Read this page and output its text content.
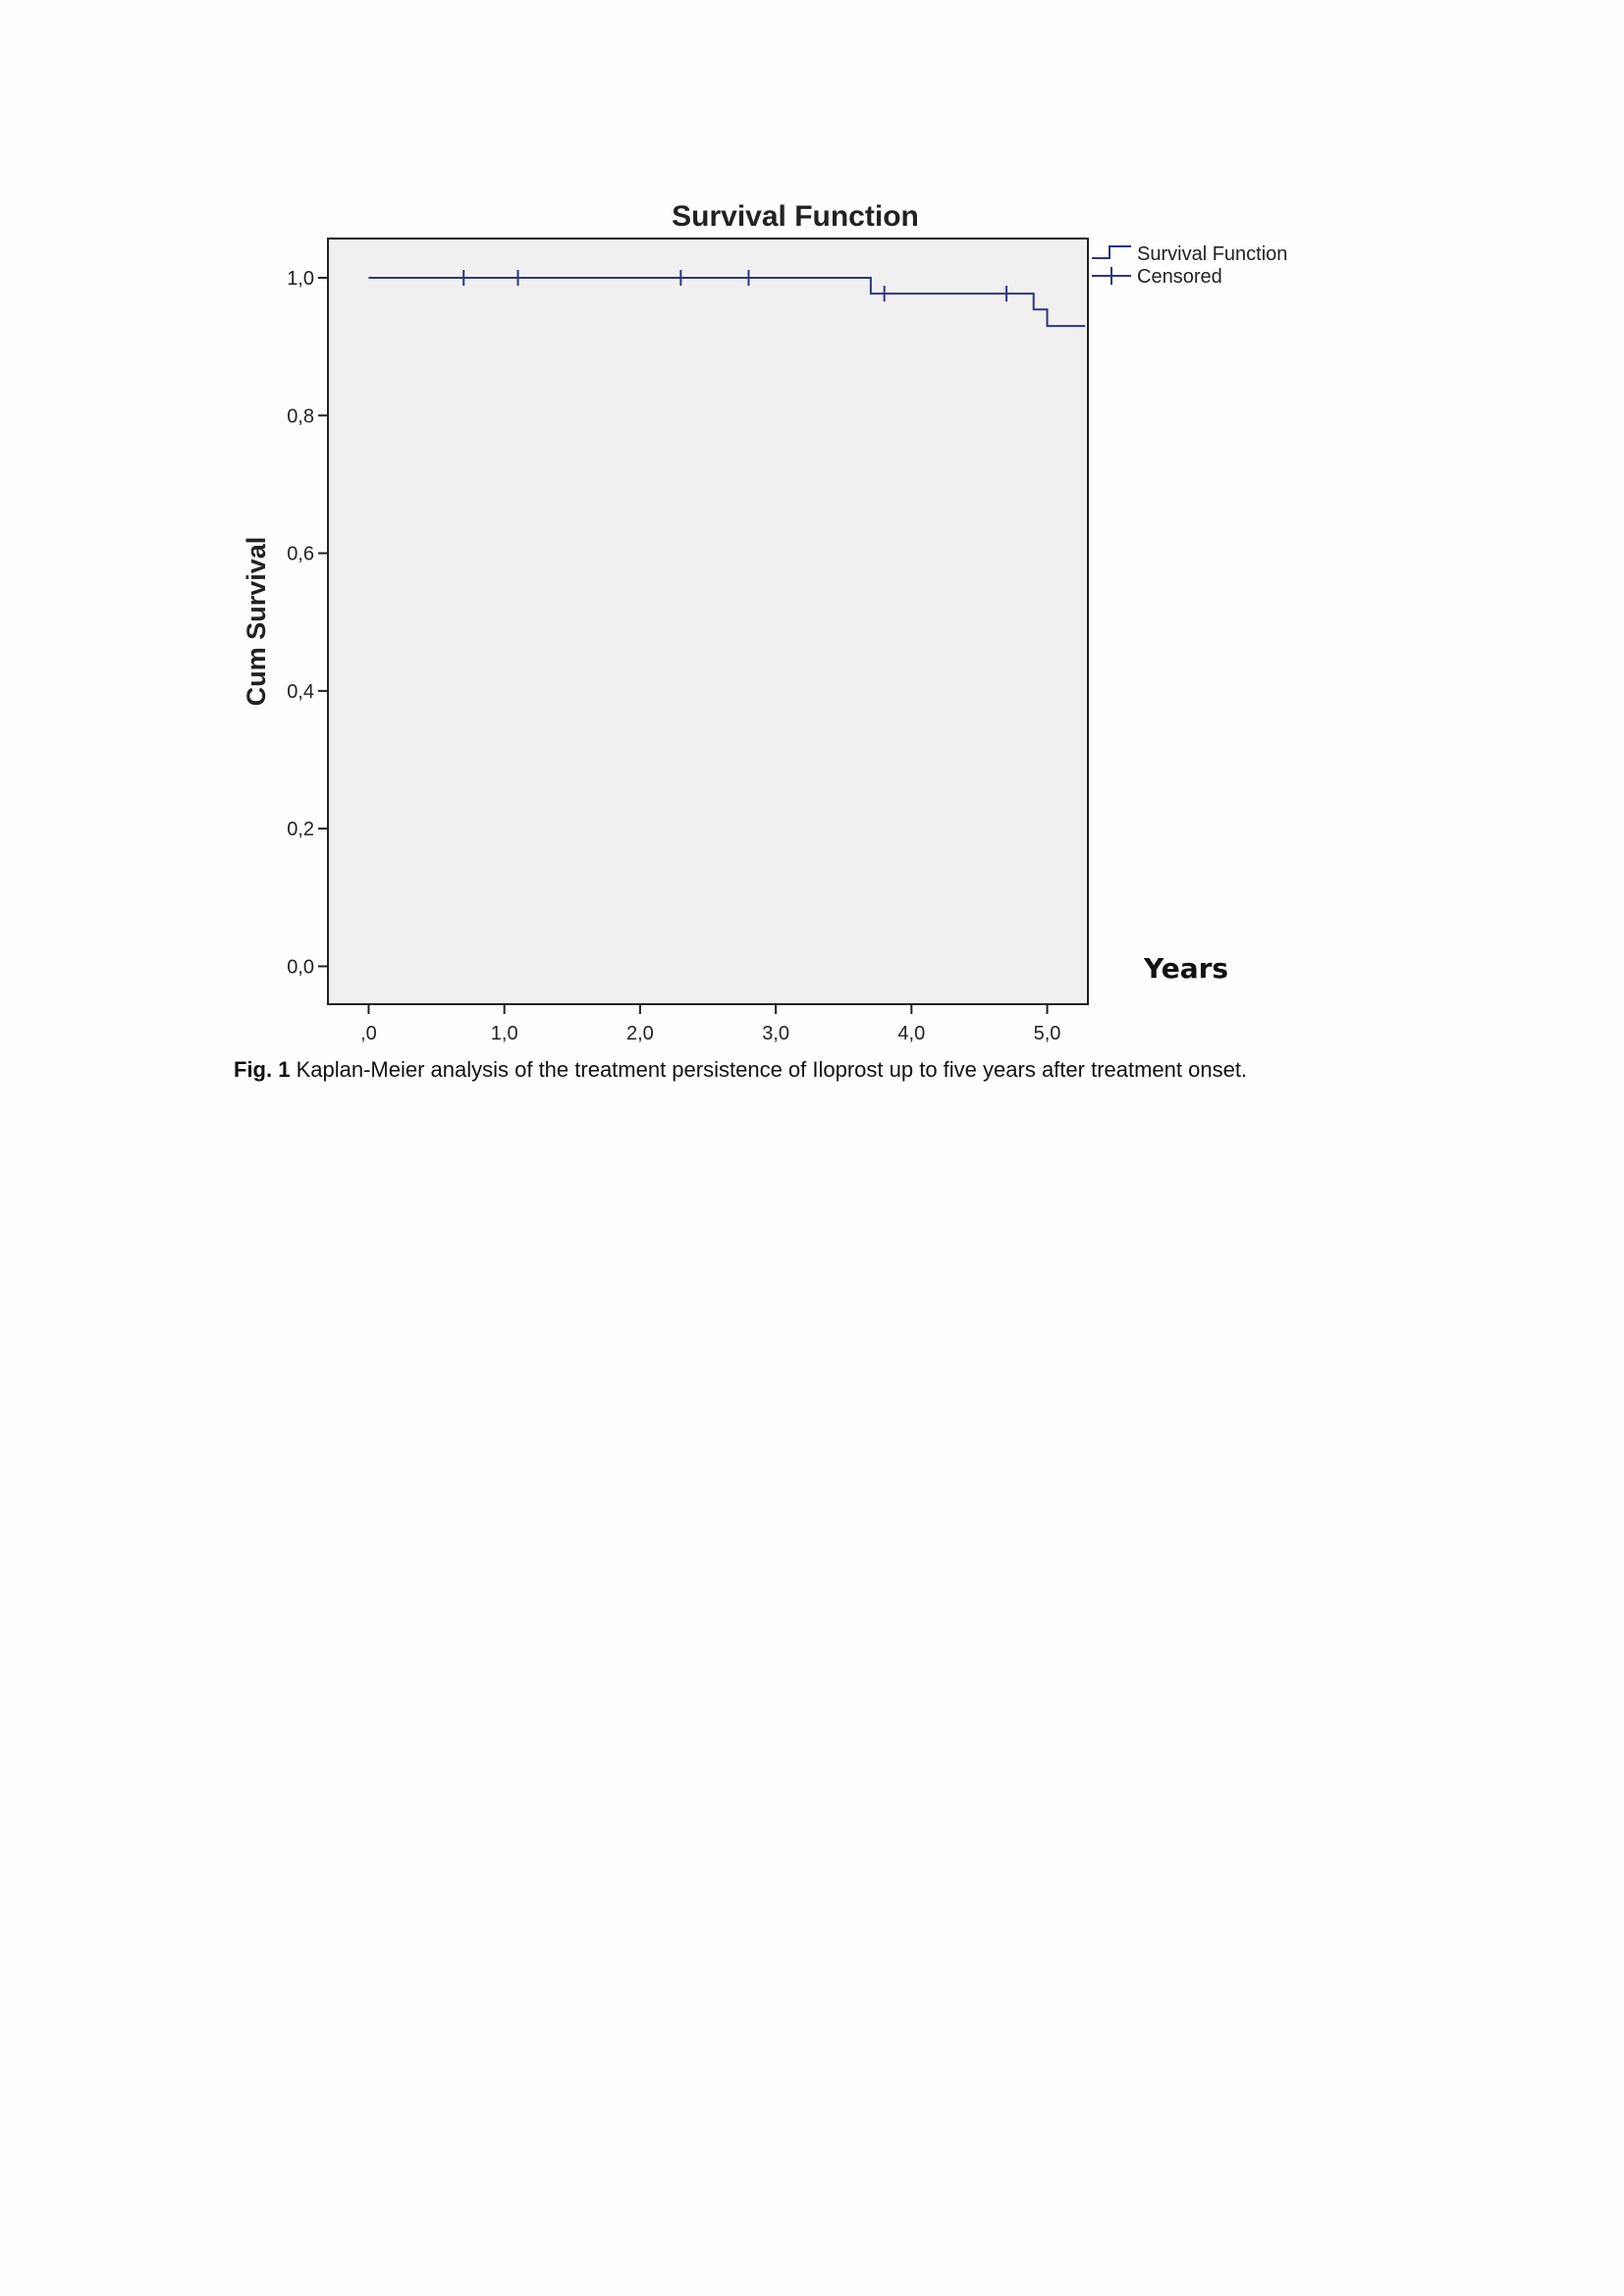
Survival Function
0,0
0,2
0,4
0,6
0,8
1,0
,0	1,0	2,0	3,0	4,0	5,0
Cum Survival
Years
Survival Function
Censored
Fig. 1 Kaplan-Meier analysis of the treatment persistence of Iloprost up to five years after treatment onset.
